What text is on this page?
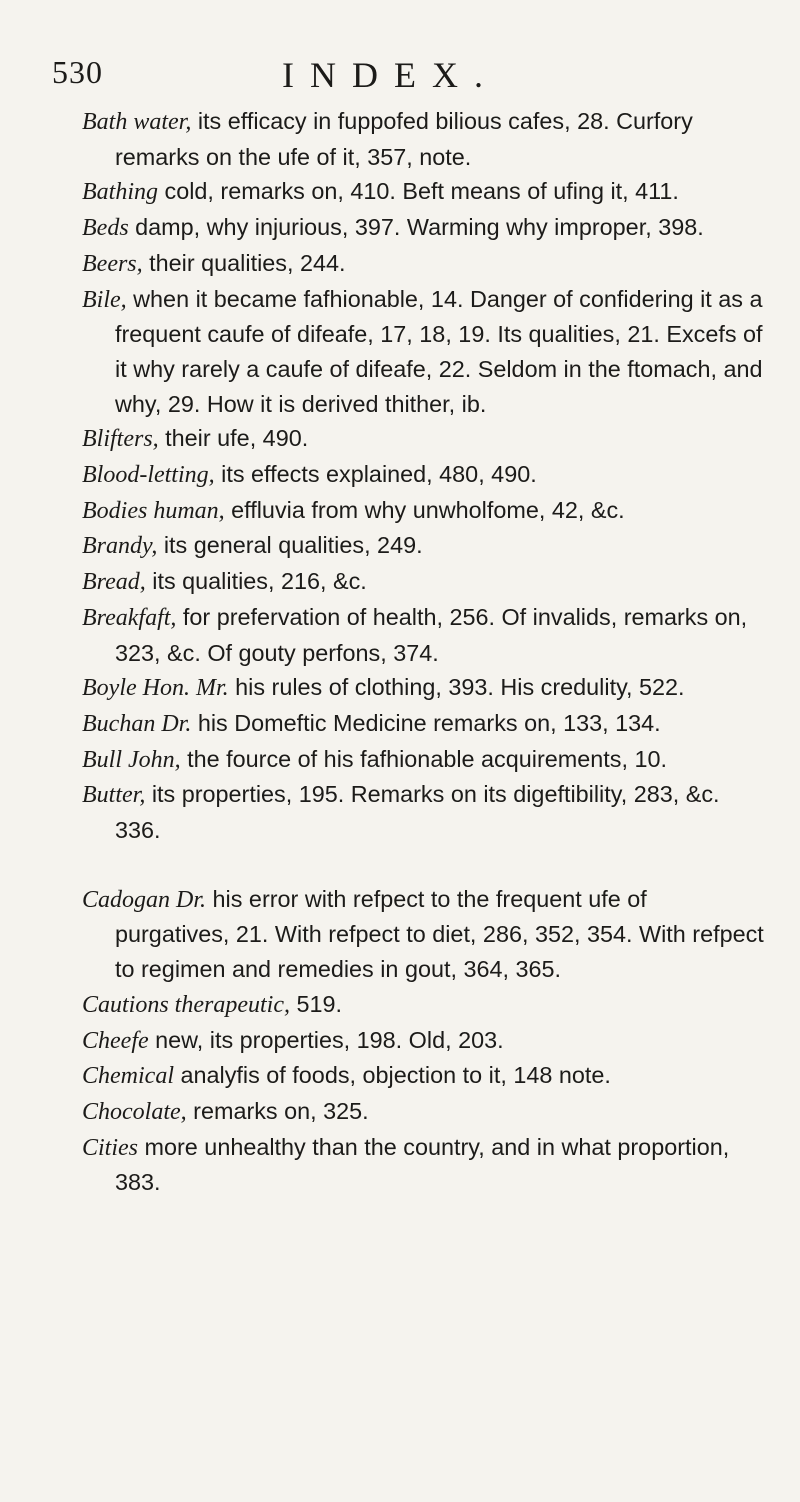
530	INDEX.
Bath water, its efficacy in fuppofed bilious cafes, 28. Curfory remarks on the ufe of it, 357, note.
Bathing cold, remarks on, 410. Beft means of ufing it, 411.
Beds damp, why injurious, 397. Warming why improper, 398.
Beers, their qualities, 244.
Bile, when it became fafhionable, 14. Danger of confidering it as a frequent caufe of difeafe, 17, 18, 19. Its qualities, 21. Excefs of it why rarely a caufe of difeafe, 22. Seldom in the ftomach, and why, 29. How it is derived thither, ib.
Blifters, their ufe, 490.
Blood-letting, its effects explained, 480, 490.
Bodies human, effluvia from why unwholfome, 42, &c.
Brandy, its general qualities, 249.
Bread, its qualities, 216, &c.
Breakfaft, for prefervation of health, 256. Of invalids, remarks on, 323, &c. Of gouty perfons, 374.
Boyle Hon. Mr. his rules of clothing, 393. His credulity, 522.
Buchan Dr. his Domeftic Medicine remarks on, 133, 134.
Bull John, the fource of his fafhionable acquirements, 10.
Butter, its properties, 195. Remarks on its digeftibility, 283, &c. 336.
Cadogan Dr. his error with refpect to the frequent ufe of purgatives, 21. With refpect to diet, 286, 352, 354. With refpect to regimen and remedies in gout, 364, 365.
Cautions therapeutic, 519.
Cheefe new, its properties, 198. Old, 203.
Chemical analyfis of foods, objection to it, 148 note.
Chocolate, remarks on, 325.
Cities more unhealthy than the country, and in what proportion, 383.
